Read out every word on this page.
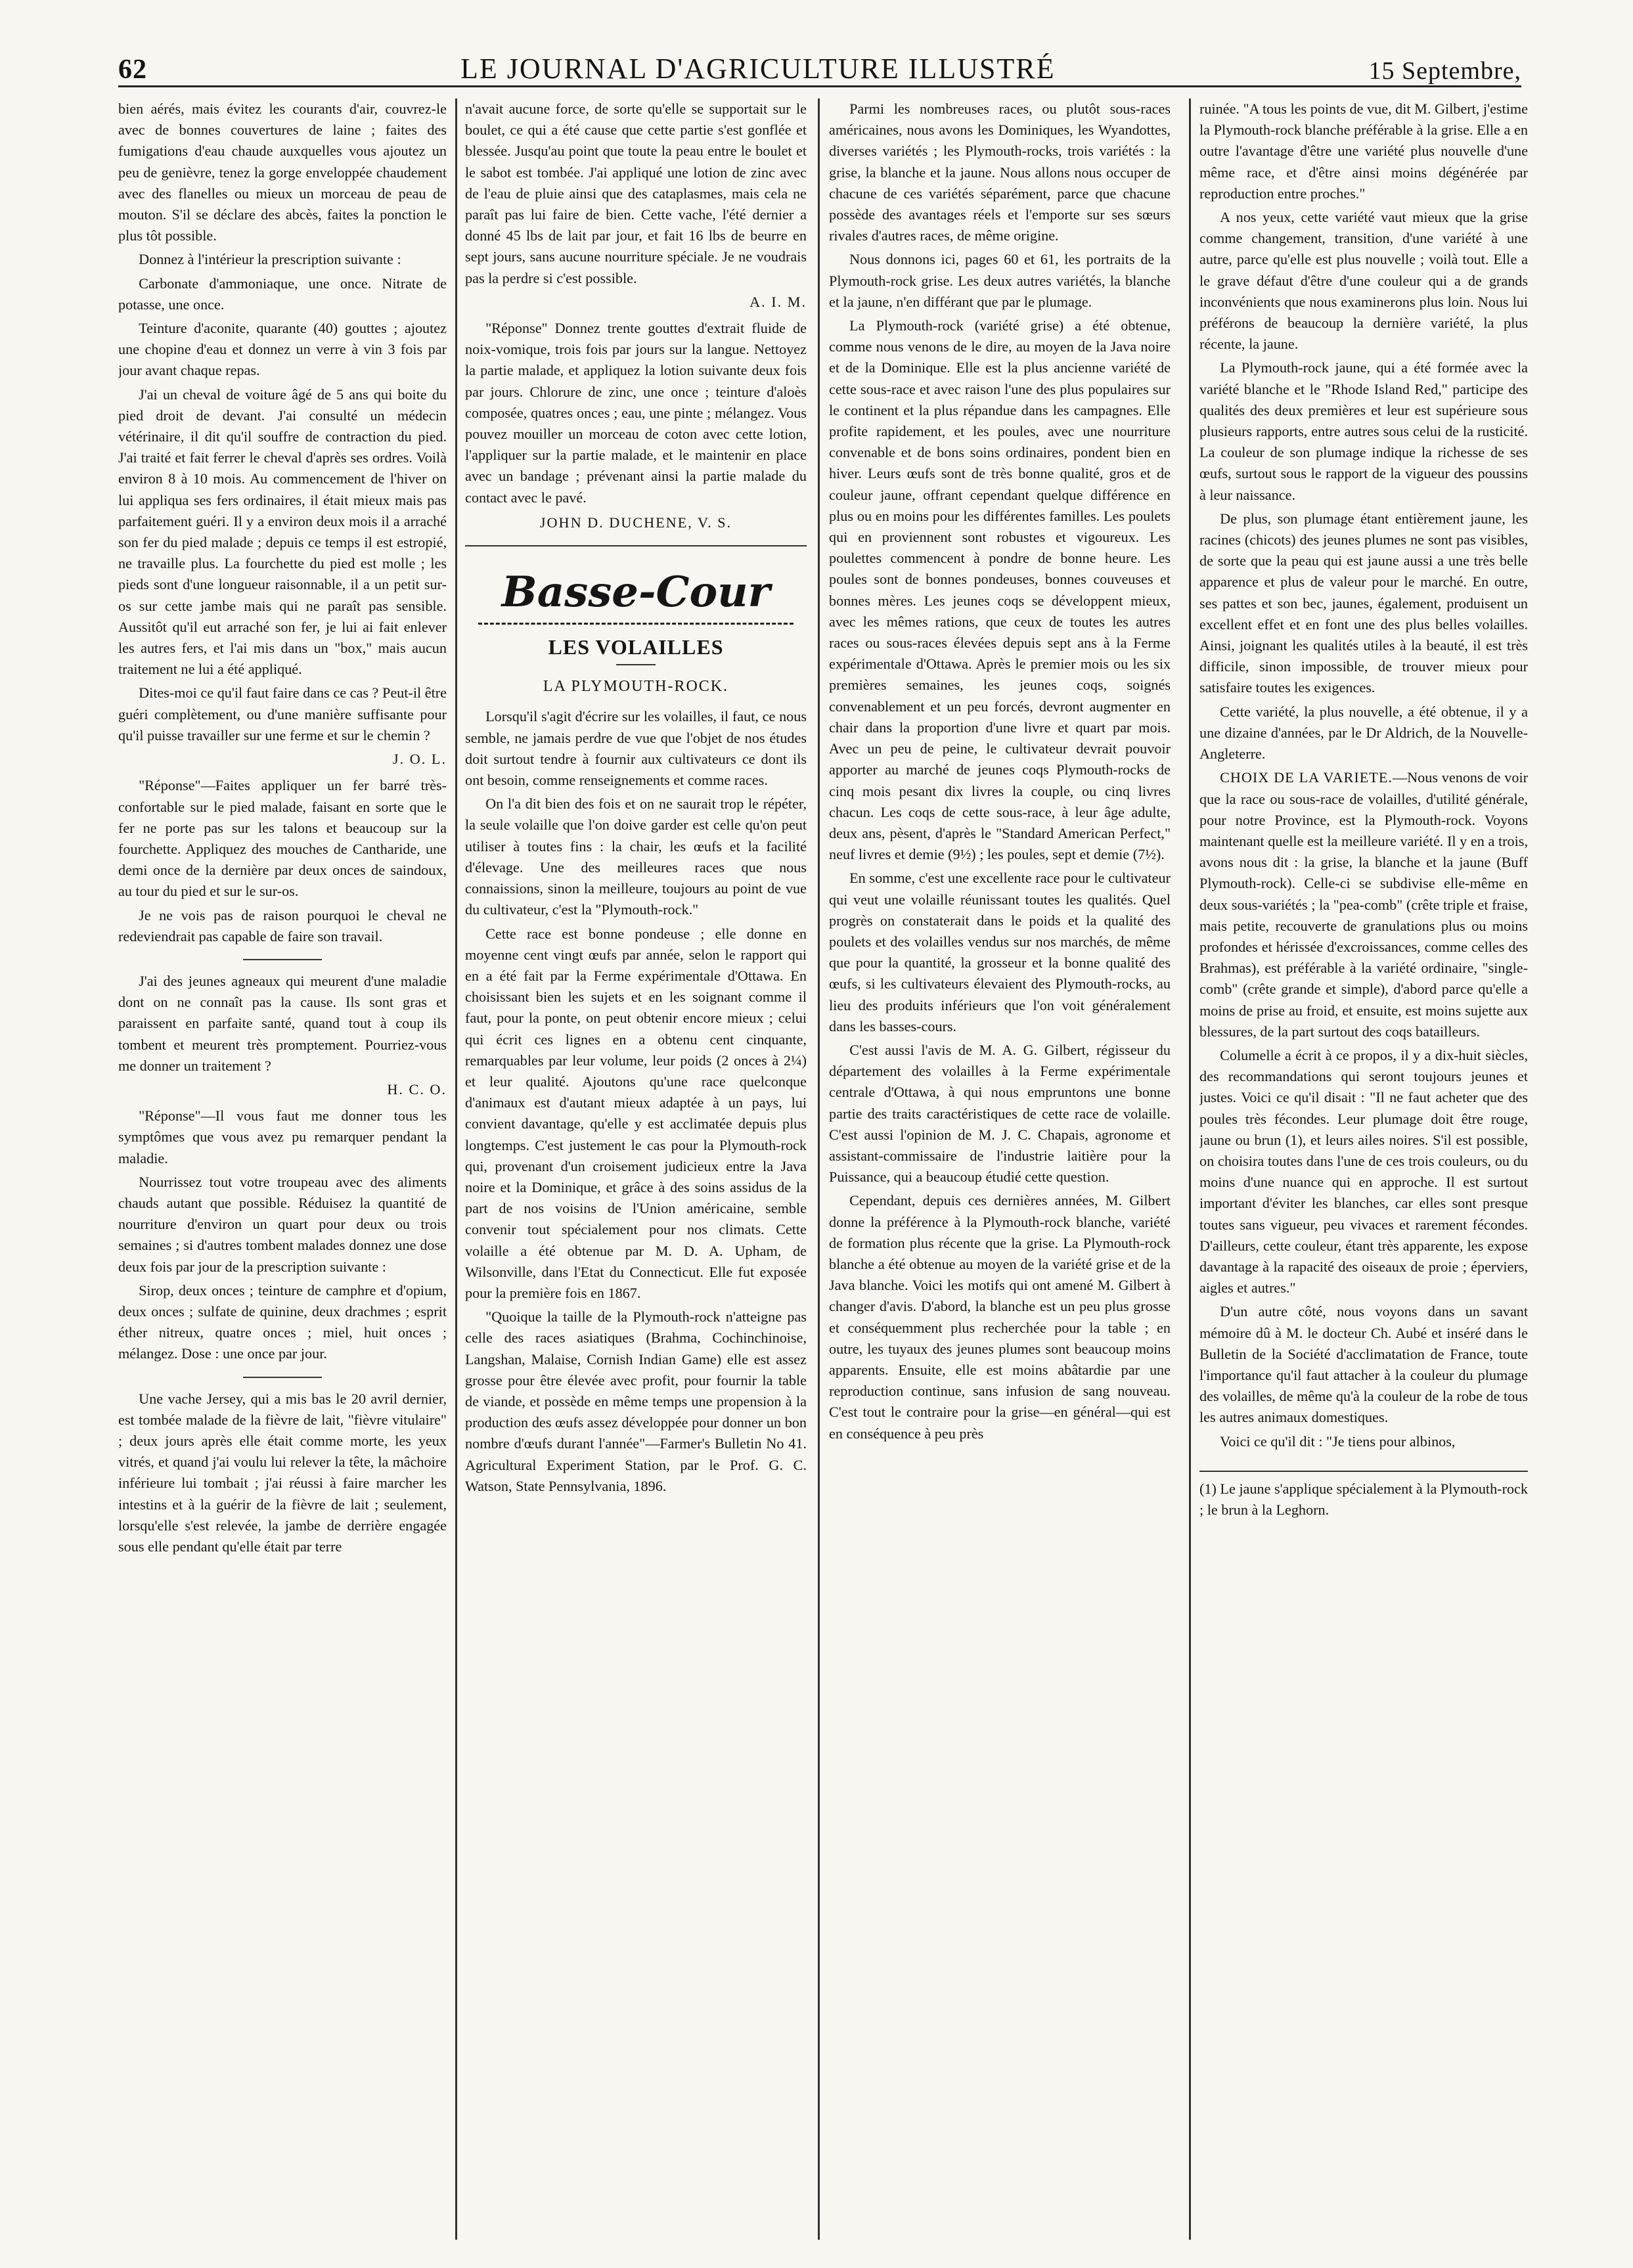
62	LE JOURNAL D'AGRICULTURE ILLUSTRÉ	15 Septembre,

bien aérés, mais évitez les courants d'air, couvrez-le avec de bonnes couvertures de laine ; faites des fumigations d'eau chaude auxquelles vous ajoutez un peu de genièvre, tenez la gorge enveloppée chaudement avec des flanelles ou mieux un morceau de peau de mouton. S'il se déclare des abcès, faites la ponction le plus tôt possible.

Donnez à l'intérieur la prescription suivante :

Carbonate d'ammoniaque, une once. Nitrate de potasse, une once.

Teinture d'aconite, quarante (40) gouttes ; ajoutez une chopine d'eau et donnez un verre à vin 3 fois par jour avant chaque repas.

J'ai un cheval de voiture âgé de 5 ans qui boite du pied droit de devant. J'ai consulté un médecin vétérinaire, il dit qu'il souffre de contraction du pied. J'ai traité et fait ferrer le cheval d'après ses ordres. Voilà environ 8 à 10 mois. Au commencement de l'hiver on lui appliqua ses fers ordinaires, il était mieux mais pas parfaitement guéri. Il y a environ deux mois il a arraché son fer du pied malade ; depuis ce temps il est estropié, ne travaille plus. La fourchette du pied est molle ; les pieds sont d'une longueur raisonnable, il a un petit sur-os sur cette jambe mais qui ne paraît pas sensible. Aussitôt qu'il eut arraché son fer, je lui ai fait enlever les autres fers, et l'ai mis dans un "box," mais aucun traitement ne lui a été appliqué.

Dites-moi ce qu'il faut faire dans ce cas ? Peut-il être guéri complètement, ou d'une manière suffisante pour qu'il puisse travailler sur une ferme et sur le chemin ?

J. O. L.

"Réponse"—Faites appliquer un fer barré très-confortable sur le pied malade, faisant en sorte que le fer ne porte pas sur les talons et beaucoup sur la fourchette. Appliquez des mouches de Cantharide, une demi once de la dernière par deux onces de saindoux, au tour du pied et sur le sur-os.

Je ne vois pas de raison pourquoi le cheval ne redeviendrait pas capable de faire son travail.

J'ai des jeunes agneaux qui meurent d'une maladie dont on ne connaît pas la cause. Ils sont gras et paraissent en parfaite santé, quand tout à coup ils tombent et meurent très promptement. Pourriez-vous me donner un traitement ?

H. C. O.

"Réponse"—Il vous faut me donner tous les symptômes que vous avez pu remarquer pendant la maladie.

Nourrissez tout votre troupeau avec des aliments chauds autant que possible. Réduisez la quantité de nourriture d'environ un quart pour deux ou trois semaines ; si d'autres tombent malades donnez une dose deux fois par jour de la prescription suivante :

Sirop, deux onces ; teinture de camphre et d'opium, deux onces ; sulfate de quinine, deux drachmes ; esprit éther nitreux, quatre onces ; miel, huit onces ; mélangez. Dose : une once par jour.

Une vache Jersey, qui a mis bas le 20 avril dernier, est tombée malade de la fièvre de lait, "fièvre vitulaire" ; deux jours après elle était comme morte, les yeux vitrés, et quand j'ai voulu lui relever la tête, la mâchoire inférieure lui tombait ; j'ai réussi à faire marcher les intestins et à la guérir de la fièvre de lait ; seulement, lorsqu'elle s'est relevée, la jambe de derrière engagée sous elle pendant qu'elle était par terre

n'avait aucune force, de sorte qu'elle se supportait sur le boulet, ce qui a été cause que cette partie s'est gonflée et blessée. Jusqu'au point que toute la peau entre le boulet et le sabot est tombée. J'ai appliqué une lotion de zinc avec de l'eau de pluie ainsi que des cataplasmes, mais cela ne paraît pas lui faire de bien. Cette vache, l'été dernier a donné 45 lbs de lait par jour, et fait 16 lbs de beurre en sept jours, sans aucune nourriture spéciale. Je ne voudrais pas la perdre si c'est possible.

A. I. M.

"Réponse" Donnez trente gouttes d'extrait fluide de noix-vomique, trois fois par jours sur la langue. Nettoyez la partie malade, et appliquez la lotion suivante deux fois par jours. Chlorure de zinc, une once ; teinture d'aloès composée, quatres onces ; eau, une pinte ; mélangez. Vous pouvez mouiller un morceau de coton avec cette lotion, l'appliquer sur la partie malade, et le maintenir en place avec un bandage ; prévenant ainsi la partie malade du contact avec le pavé.

JOHN D. DUCHENE, V. S.
Basse-Cour
LES VOLAILLES
LA PLYMOUTH-ROCK.

Lorsqu'il s'agit d'écrire sur les volailles, il faut, ce nous semble, ne jamais perdre de vue que l'objet de nos études doit surtout tendre à fournir aux cultivateurs ce dont ils ont besoin, comme renseignements et comme races.

On l'a dit bien des fois et on ne saurait trop le répéter, la seule volaille que l'on doive garder est celle qu'on peut utiliser à toutes fins : la chair, les œufs et la facilité d'élevage. Une des meilleures races que nous connaissions, sinon la meilleure, toujours au point de vue du cultivateur, c'est la "Plymouth-rock."

Cette race est bonne pondeuse ; elle donne en moyenne cent vingt œufs par année, selon le rapport qui en a été fait par la Ferme expérimentale d'Ottawa. En choisissant bien les sujets et en les soignant comme il faut, pour la ponte, on peut obtenir encore mieux ; celui qui écrit ces lignes en a obtenu cent cinquante, remarquables par leur volume, leur poids (2 onces à 2¼) et leur qualité. Ajoutons qu'une race quelconque d'animaux est d'autant mieux adaptée à un pays, lui convient davantage, qu'elle y est acclimatée depuis plus longtemps. C'est justement le cas pour la Plymouth-rock qui, provenant d'un croisement judicieux entre la Java noire et la Dominique, et grâce à des soins assidus de la part de nos voisins de l'Union américaine, semble convenir tout spécialement pour nos climats. Cette volaille a été obtenue par M. D. A. Upham, de Wilsonville, dans l'Etat du Connecticut. Elle fut exposée pour la première fois en 1867.

"Quoique la taille de la Plymouth-rock n'atteigne pas celle des races asiatiques (Brahma, Cochinchinoise, Langshan, Malaise, Cornish Indian Game) elle est assez grosse pour être élevée avec profit, pour fournir la table de viande, et possède en même temps une propension à la production des œufs assez développée pour donner un bon nombre d'œufs durant l'année"—Farmer's Bulletin No 41. Agricultural Experiment Station, par le Prof. G. C. Watson, State Pennsylvania, 1896.

Parmi les nombreuses races, ou plutôt sous-races américaines, nous avons les Dominiques, les Wyandottes, diverses variétés ; les Plymouth-rocks, trois variétés : la grise, la blanche et la jaune. Nous allons nous occuper de chacune de ces variétés séparément, parce que chacune possède des avantages réels et l'emporte sur ses sœurs rivales d'autres races, de même origine.

Nous donnons ici, pages 60 et 61, les portraits de la Plymouth-rock grise. Les deux autres variétés, la blanche et la jaune, n'en différant que par le plumage.

La Plymouth-rock (variété grise) a été obtenue, comme nous venons de le dire, au moyen de la Java noire et de la Dominique. Elle est la plus ancienne variété de cette sous-race et avec raison l'une des plus populaires sur le continent et la plus répandue dans les campagnes. Elle profite rapidement, et les poules, avec une nourriture convenable et de bons soins ordinaires, pondent bien en hiver. Leurs œufs sont de très bonne qualité, gros et de couleur jaune, offrant cependant quelque différence en plus ou en moins pour les différentes familles. Les poulets qui en proviennent sont robustes et vigoureux. Les poulettes commencent à pondre de bonne heure. Les poules sont de bonnes pondeuses, bonnes couveuses et bonnes mères. Les jeunes coqs se développent mieux, avec les mêmes rations, que ceux de toutes les autres races ou sous-races élevées depuis sept ans à la Ferme expérimentale d'Ottawa. Après le premier mois ou les six premières semaines, les jeunes coqs, soignés convenablement et un peu forcés, devront augmenter en chair dans la proportion d'une livre et quart par mois. Avec un peu de peine, le cultivateur devrait pouvoir apporter au marché de jeunes coqs Plymouth-rocks de cinq mois pesant dix livres la couple, ou cinq livres chacun. Les coqs de cette sous-race, à leur âge adulte, deux ans, pèsent, d'après le "Standard American Perfect," neuf livres et demie (9½) ; les poules, sept et demie (7½).

En somme, c'est une excellente race pour le cultivateur qui veut une volaille réunissant toutes les qualités. Quel progrès on constaterait dans le poids et la qualité des poulets et des volailles vendus sur nos marchés, de même que pour la quantité, la grosseur et la bonne qualité des œufs, si les cultivateurs élevaient des Plymouth-rocks, au lieu des produits inférieurs que l'on voit généralement dans les basses-cours.

C'est aussi l'avis de M. A. G. Gilbert, régisseur du département des volailles à la Ferme expérimentale centrale d'Ottawa, à qui nous empruntons une bonne partie des traits caractéristiques de cette race de volaille. C'est aussi l'opinion de M. J. C. Chapais, agronome et assistant-commissaire de l'industrie laitière pour la Puissance, qui a beaucoup étudié cette question.

Cependant, depuis ces dernières années, M. Gilbert donne la préférence à la Plymouth-rock blanche, variété de formation plus récente que la grise. La Plymouth-rock blanche a été obtenue au moyen de la variété grise et de la Java blanche. Voici les motifs qui ont amené M. Gilbert à changer d'avis. D'abord, la blanche est un peu plus grosse et conséquemment plus recherchée pour la table ; en outre, les tuyaux des jeunes plumes sont beaucoup moins apparents. Ensuite, elle est moins abâtardie par une reproduction continue, sans infusion de sang nouveau. C'est tout le contraire pour la grise—en général—qui est en conséquence à peu près

ruinée. "A tous les points de vue, dit M. Gilbert, j'estime la Plymouth-rock blanche préférable à la grise. Elle a en outre l'avantage d'être une variété plus nouvelle d'une même race, et d'être ainsi moins dégénérée par reproduction entre proches."

A nos yeux, cette variété vaut mieux que la grise comme changement, transition, d'une variété à une autre, parce qu'elle est plus nouvelle ; voilà tout. Elle a le grave défaut d'être d'une couleur qui a de grands inconvénients que nous examinerons plus loin. Nous lui préférons de beaucoup la dernière variété, la plus récente, la jaune.

La Plymouth-rock jaune, qui a été formée avec la variété blanche et le "Rhode Island Red," participe des qualités des deux premières et leur est supérieure sous plusieurs rapports, entre autres sous celui de la rusticité. La couleur de son plumage indique la richesse de ses œufs, surtout sous le rapport de la vigueur des poussins à leur naissance.

De plus, son plumage étant entièrement jaune, les racines (chicots) des jeunes plumes ne sont pas visibles, de sorte que la peau qui est jaune aussi a une très belle apparence et plus de valeur pour le marché. En outre, ses pattes et son bec, jaunes, également, produisent un excellent effet et en font une des plus belles volailles. Ainsi, joignant les qualités utiles à la beauté, il est très difficile, sinon impossible, de trouver mieux pour satisfaire toutes les exigences.

Cette variété, la plus nouvelle, a été obtenue, il y a une dizaine d'années, par le Dr Aldrich, de la Nouvelle-Angleterre.

CHOIX DE LA VARIETE.—Nous venons de voir que la race ou sous-race de volailles, d'utilité générale, pour notre Province, est la Plymouth-rock. Voyons maintenant quelle est la meilleure variété. Il y en a trois, avons nous dit : la grise, la blanche et la jaune (Buff Plymouth-rock). Celle-ci se subdivise elle-même en deux sous-variétés ; la "pea-comb" (crête triple et fraise, mais petite, recouverte de granulations plus ou moins profondes et hérissée d'excroissances, comme celles des Brahmas), est préférable à la variété ordinaire, "single-comb" (crête grande et simple), d'abord parce qu'elle a moins de prise au froid, et ensuite, est moins sujette aux blessures, de la part surtout des coqs batailleurs.

Columelle a écrit à ce propos, il y a dix-huit siècles, des recommandations qui seront toujours jeunes et justes. Voici ce qu'il disait : "Il ne faut acheter que des poules très fécondes. Leur plumage doit être rouge, jaune ou brun (1), et leurs ailes noires. S'il est possible, on choisira toutes dans l'une de ces trois couleurs, ou du moins d'une nuance qui en approche. Il est surtout important d'éviter les blanches, car elles sont presque toutes sans vigueur, peu vivaces et rarement fécondes. D'ailleurs, cette couleur, étant très apparente, les expose davantage à la rapacité des oiseaux de proie ; éperviers, aigles et autres."

D'un autre côté, nous voyons dans un savant mémoire dû à M. le docteur Ch. Aubé et inséré dans le Bulletin de la Société d'acclimatation de France, toute l'importance qu'il faut attacher à la couleur du plumage des volailles, de même qu'à la couleur de la robe de tous les autres animaux domestiques.

Voici ce qu'il dit : "Je tiens pour albinos,

(1) Le jaune s'applique spécialement à la Plymouth-rock ; le brun à la Leghorn.
